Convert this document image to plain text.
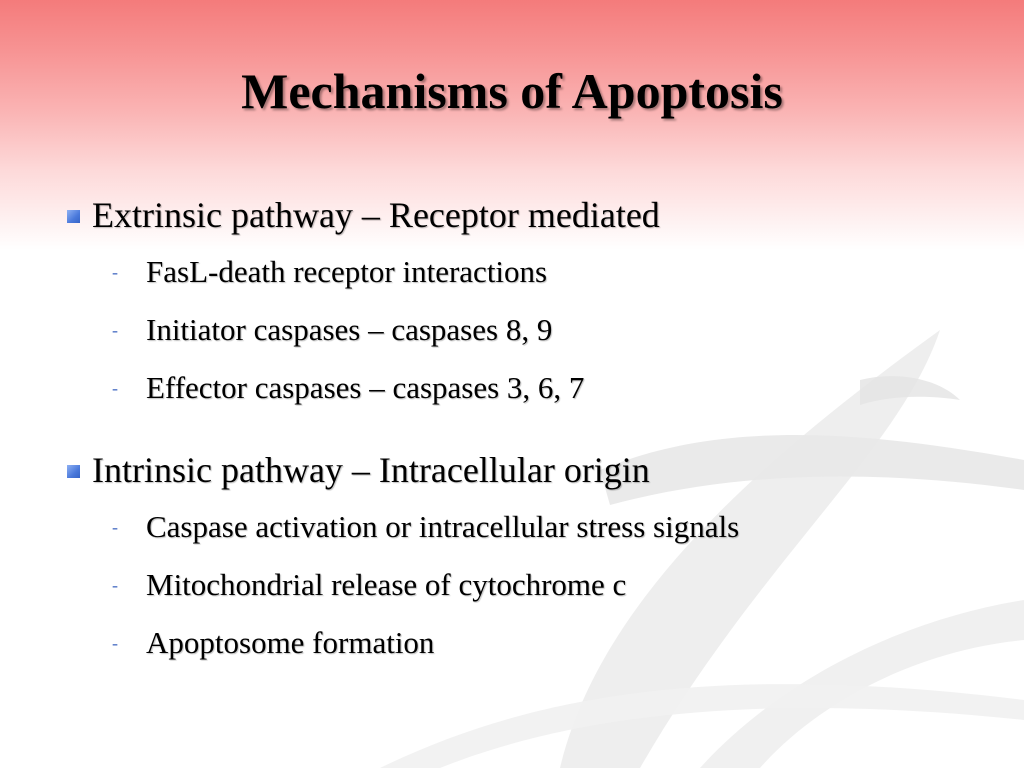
Mechanisms of Apoptosis
Extrinsic pathway – Receptor mediated
- FasL-death receptor interactions
- Initiator caspases – caspases 8, 9
- Effector caspases – caspases 3, 6, 7
Intrinsic pathway – Intracellular origin
- Caspase activation or intracellular stress signals
- Mitochondrial release of cytochrome c
- Apoptosome formation
